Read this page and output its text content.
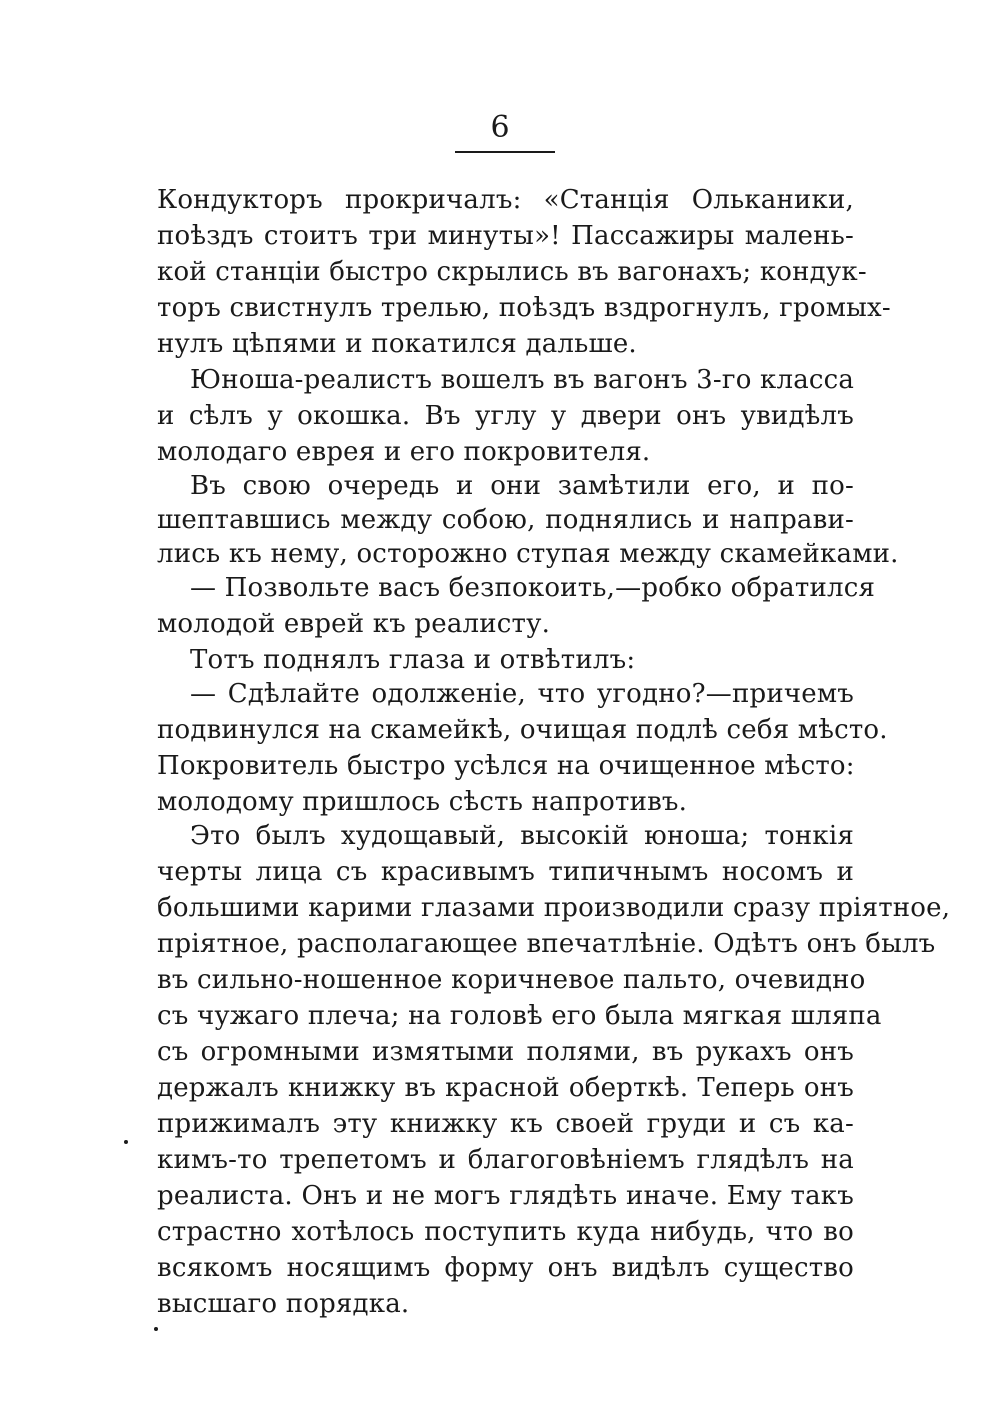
6
Кондукторъ прокричалъ: «Станція Ольканики,
поѣздъ стоитъ три минуты»! Пассажиры малень-
кой станціи быстро скрылись въ вагонахъ; кондук-
торъ свистнулъ трелью, поѣздъ вздрогнулъ, громых-
нулъ цѣпями и покатился дальше.
Юноша-реалистъ вошелъ въ вагонъ 3-го класса
и сѣлъ у окошка. Въ углу у двери онъ увидѣлъ
молодаго еврея и его покровителя.
Въ свою очередь и они замѣтили его, и по-
шептавшись между собою, поднялись и направи-
лись къ нему, осторожно ступая между скамейками.
— Позвольте васъ безпокоить,—робко обратился
молодой еврей къ реалисту.
Тотъ поднялъ глаза и отвѣтилъ:
— Сдѣлайте одолженіе, что угодно?—причемъ
подвинулся на скамейкѣ, очищая подлѣ себя мѣсто.
Покровитель быстро усѣлся на очищенное мѣсто:
молодому пришлось сѣсть напротивъ.
Это былъ худощавый, высокій юноша; тонкія
черты лица съ красивымъ типичнымъ носомъ и
большими карими глазами производили сразу пріятное,
пріятное, располагающее впечатлѣніе. Одѣтъ онъ былъ
въ сильно-ношенное коричневое пальто, очевидно
съ чужаго плеча; на головѣ его была мягкая шляпа
съ огромными измятыми полями, въ рукахъ онъ
держалъ книжку въ красной оберткѣ. Теперь онъ
прижималъ эту книжку къ своей груди и съ ка-
кимъ-то трепетомъ и благоговѣніемъ глядѣлъ на
реалиста. Онъ и не могъ глядѣть иначе. Ему такъ
страстно хотѣлось поступить куда нибудь, что во
всякомъ носящимъ форму онъ видѣлъ существо
высшаго порядка.
